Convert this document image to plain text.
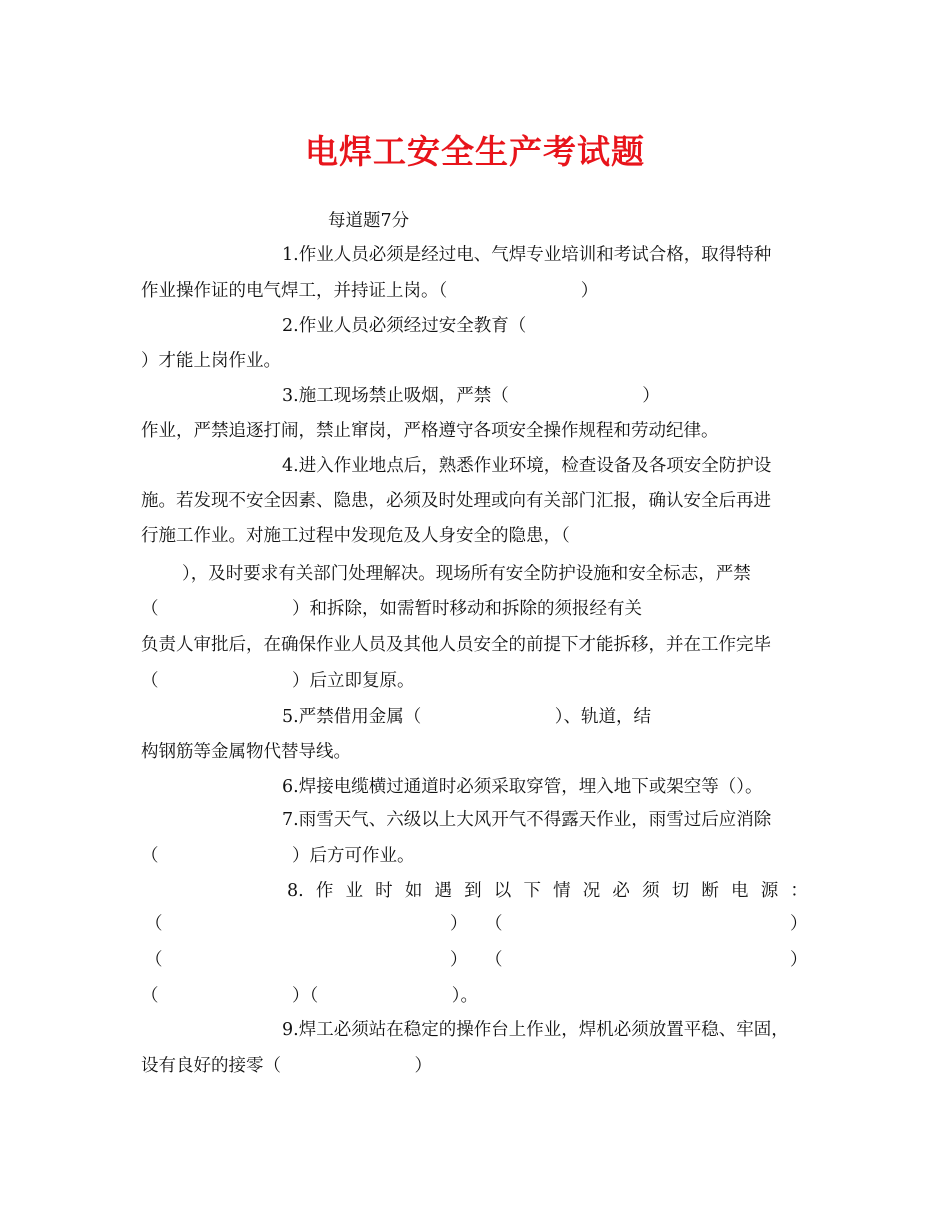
电焊工安全生产考试题
每道题7分
1.作业人员必须是经过电、气焊专业培训和考试合格，取得特种
作业操作证的电气焊工，并持证上岗。（                        ）
2.作业人员必须经过安全教育（
）才能上岗作业。
3.施工现场禁止吸烟，严禁（                        ）
作业，严禁追逐打闹，禁止窜岗，严格遵守各项安全操作规程和劳动纪律。
4.进入作业地点后，熟悉作业环境，检查设备及各项安全防护设
施。若发现不安全因素、隐患，必须及时处理或向有关部门汇报，确认安全后再进
行施工作业。对施工过程中发现危及人身安全的隐患，（
），及时要求有关部门处理解决。现场所有安全防护设施和安全标志，严禁
（                        ）和拆除，如需暂时移动和拆除的须报经有关
负责人审批后，在确保作业人员及其他人员安全的前提下才能拆移，并在工作完毕
（                        ）后立即复原。
5.严禁借用金属（                        ）、轨道，结
构钢筋等金属物代替导线。
6.焊接电缆横过通道时必须采取穿管，埋入地下或架空等（）。
7.雨雪天气、六级以上大风开气不得露天作业，雨雪过后应消除
（                        ）后方可作业。
8. 作 业 时 如 遇 到 以 下 情 况 必 须 切 断 电 源 ：
（	） （	）
（	） （	）
（                        ）（                        ）。
9.焊工必须站在稳定的操作台上作业，焊机必须放置平稳、牢固，
设有良好的接零（                        ）
